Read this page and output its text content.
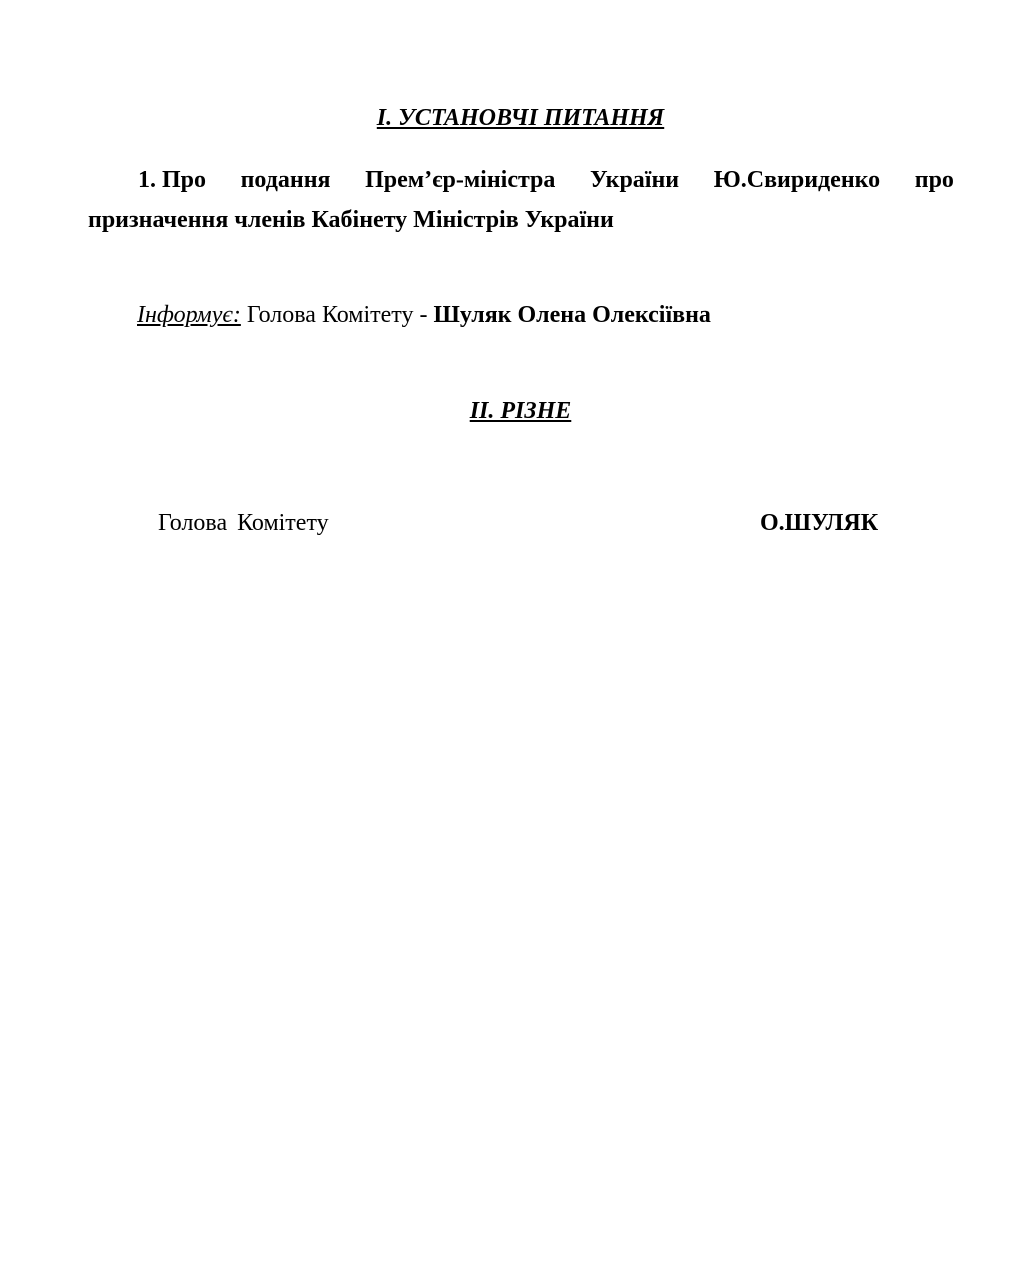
І. УСТАНОВЧІ ПИТАННЯ
1. Про подання Прем’єр-міністра України Ю.Свириденко про
призначення членів Кабінету Міністрів України
Інформує: Голова Комітету - Шуляк Олена Олексіївна
ІІ. РІЗНЕ
Голова Комітету	О.ШУЛЯК
